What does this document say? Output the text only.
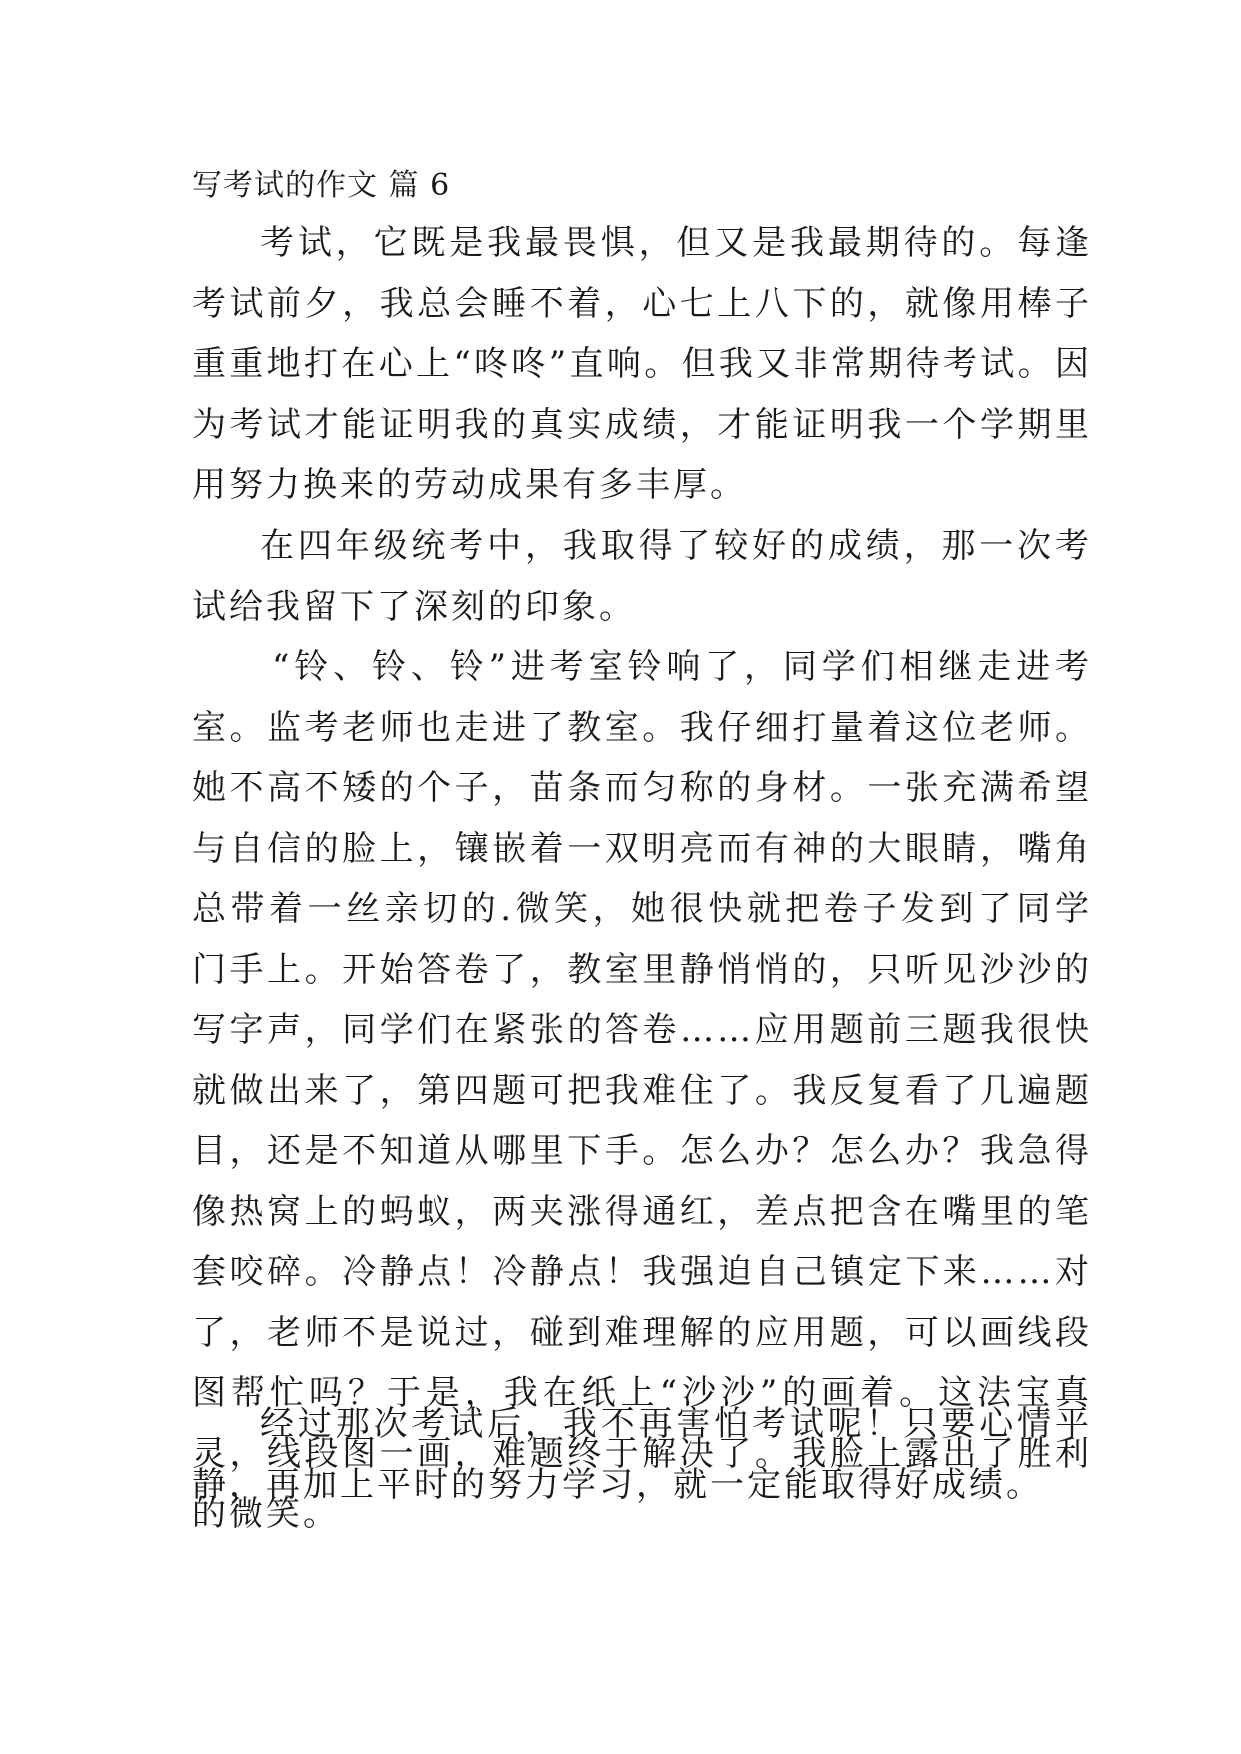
写考试的作文 篇 6

考试，它既是我最畏惧，但又是我最期待的。每逢考试前夕，我总会睡不着，心七上八下的，就像用棒子重重地打在心上“咚咚”直响。但我又非常期待考试。因为考试才能证明我的真实成绩，才能证明我一个学期里用努力换来的劳动成果有多丰厚。

在四年级统考中，我取得了较好的成绩，那一次考试给我留下了深刻的印象。

“铃、铃、铃”进考室铃响了，同学们相继走进考室。监考老师也走进了教室。我仔细打量着这位老师。她不高不矮的个子，苗条而匀称的身材。一张充满希望与自信的脸上，镶嵌着一双明亮而有神的大眼睛，嘴角总带着一丝亲切的.微笑，她很快就把卷子发到了同学门手上。开始答卷了，教室里静悄悄的，只听见沙沙的写字声，同学们在紧张的答卷……应用题前三题我很快就做出来了，第四题可把我难住了。我反复看了几遍题目，还是不知道从哪里下手。怎么办？怎么办？我急得像热窝上的蚂蚁，两夹涨得通红，差点把含在嘴里的笔套咬碎。冷静点！冷静点！我强迫自己镇定下来……对了，老师不是说过，碰到难理解的应用题，可以画线段图帮忙吗？于是，我在纸上“沙沙”的画着。这法宝真灵，线段图一画，难题终于解决了。我脸上露出了胜利的微笑。

经过那次考试后，我不再害怕考试呢！只要心情平静，再加上平时的努力学习，就一定能取得好成绩。
